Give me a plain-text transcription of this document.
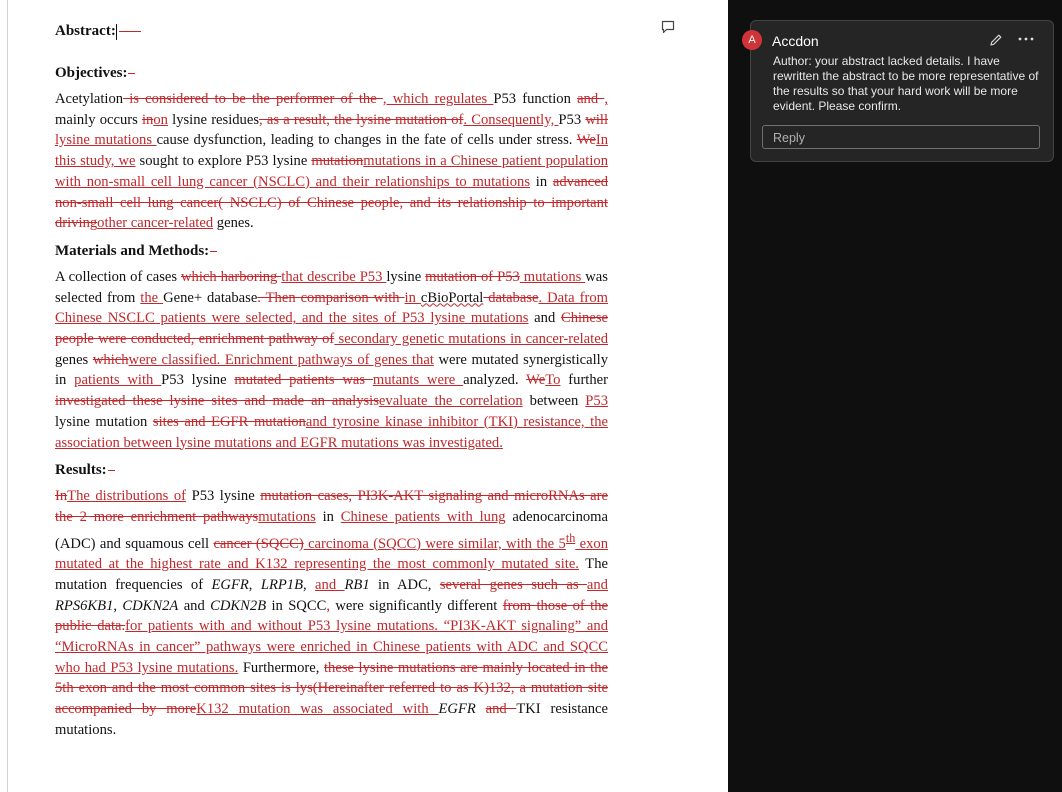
Abstract:
Objectives:

Acetylation is considered to be the performer of the , which regulates P53 function and , mainly occurs inon lysine residues, as a result, the lysine mutation of. Consequently, P53 will lysine mutations cause dysfunction, leading to changes in the fate of cells under stress. WeIn this study, we sought to explore P53 lysine mutationmutations in a Chinese patient population with non-small cell lung cancer (NSCLC) and their relationships to mutations in advanced non-small cell lung cancer( NSCLC) of Chinese people, and its relationship to important drivingother cancer-related genes.

Materials and Methods:

A collection of cases which harboring that describe P53 lysine mutation of P53 mutations was selected from the Gene+ database. Then comparison with in cBioPortal database. Data from Chinese NSCLC patients were selected, and the sites of P53 lysine mutations and Chinese people were conducted, enrichment pathway of secondary genetic mutations in cancer-related genes whichwere classified. Enrichment pathways of genes that were mutated synergistically in patients with P53 lysine mutated patients was mutants were analyzed. WeTo further investigated these lysine sites and made an analysisevaluate the correlation between P53 lysine mutation sites and EGFR mutationand tyrosine kinase inhibitor (TKI) resistance, the association between lysine mutations and EGFR mutations was investigated.

Results:

InThe distributions of P53 lysine mutation cases, PI3K-AKT signaling and microRNAs are the 2 more enrichment pathwaysmutations in Chinese patients with lung adenocarcinoma (ADC) and squamous cell cancer (SQCC) carcinoma (SQCC) were similar, with the 5th exon mutated at the highest rate and K132 representing the most commonly mutated site. The mutation frequencies of EGFR, LRP1B, and RB1 in ADC, several genes such as and RPS6KB1, CDKN2A and CDKN2B in SQCC, were significantly different from those of the public data.for patients with and without P53 lysine mutations. “PI3K-AKT signaling” and “MicroRNAs in cancer” pathways were enriched in Chinese patients with ADC and SQCC who had P53 lysine mutations. Furthermore, these lysine mutations are mainly located in the 5th exon and the most common sites is lys(Hereinafter referred to as K)132, a mutation site accompanied by moreK132 mutation was associated with EGFR and TKI resistance mutations.

A	Accdon

Author: your abstract lacked details. I have rewritten the abstract to be more representative of the results so that your hard work will be more evident. Please confirm.

Reply
